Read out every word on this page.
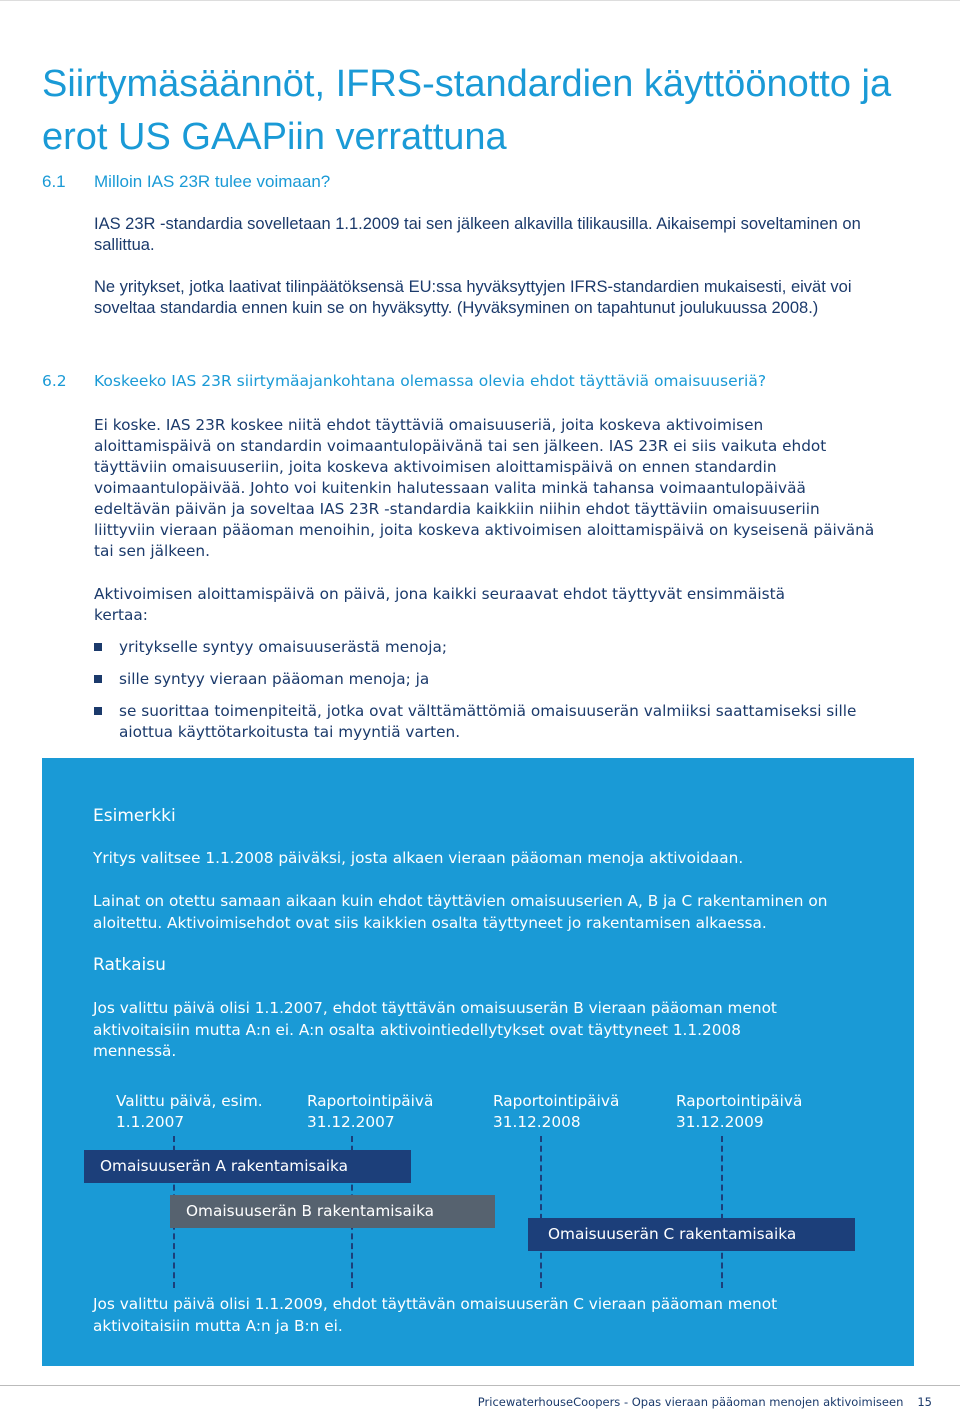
Siirtymäsäännöt, IFRS-standardien käyttöönotto ja erot US GAAPiin verrattuna
6.1 Milloin IAS 23R tulee voimaan?

IAS 23R -standardia sovelletaan 1.1.2009 tai sen jälkeen alkavilla tilikausilla. Aikaisempi soveltaminen on sallittua.

Ne yritykset, jotka laativat tilinpäätöksensä EU:ssa hyväksyttyjen IFRS-standardien mukaisesti, eivät voi soveltaa standardia ennen kuin se on hyväksytty. (Hyväksyminen on tapahtunut joulukuussa 2008.)

6.2 Koskeeko IAS 23R siirtymäajankohtana olemassa olevia ehdot täyttäviä omaisuuseriä?

Ei koske. IAS 23R koskee niitä ehdot täyttäviä omaisuuseriä, joita koskeva aktivoimisen aloittamispäivä on standardin voimaantulopäivänä tai sen jälkeen. IAS 23R ei siis vaikuta ehdot täyttäviin omaisuuseriin, joita koskeva aktivoimisen aloittamispäivä on ennen standardin voimaantulopäivää. Johto voi kuitenkin halutessaan valita minkä tahansa voimaantulopäivää edeltävän päivän ja soveltaa IAS 23R -standardia kaikkiin niihin ehdot täyttäviin omaisuuseriin liittyviin vieraan pääoman menoihin, joita koskeva aktivoimisen aloittamispäivä on kyseisenä päivänä tai sen jälkeen.

Aktivoimisen aloittamispäivä on päivä, jona kaikki seuraavat ehdot täyttyvät ensimmäistä kertaa:

yritykselle syntyy omaisuuserästä menoja;
sille syntyy vieraan pääoman menoja; ja
se suorittaa toimenpiteitä, jotka ovat välttämättömiä omaisuuserän valmiiksi saattamiseksi sille aiottua käyttötarkoitusta tai myyntiä varten.
Esimerkki
Yritys valitsee 1.1.2008 päiväksi, josta alkaen vieraan pääoman menoja aktivoidaan.
Lainat on otettu samaan aikaan kuin ehdot täyttävien omaisuuserien A, B ja C rakentaminen on aloitettu. Aktivoimisehdot ovat siis kaikkien osalta täyttyneet jo rakentamisen alkaessa.
Ratkaisu
Jos valittu päivä olisi 1.1.2007, ehdot täyttävän omaisuuserän B vieraan pääoman menot aktivoitaisiin mutta A:n ei. A:n osalta aktivointiedellytykset ovat täyttyneet 1.1.2008 mennessä.
Valittu päivä, esim.
1.1.2007
Raportointipäivä
31.12.2007
Raportointipäivä
31.12.2008
Raportointipäivä
31.12.2009
Omaisuuserän A rakentamisaika
Omaisuuserän B rakentamisaika
Omaisuuserän C rakentamisaika
Jos valittu päivä olisi 1.1.2009, ehdot täyttävän omaisuuserän C vieraan pääoman menot aktivoitaisiin mutta A:n ja B:n ei.
PricewaterhouseCoopers - Opas vieraan pääoman menojen aktivoimiseen 15
